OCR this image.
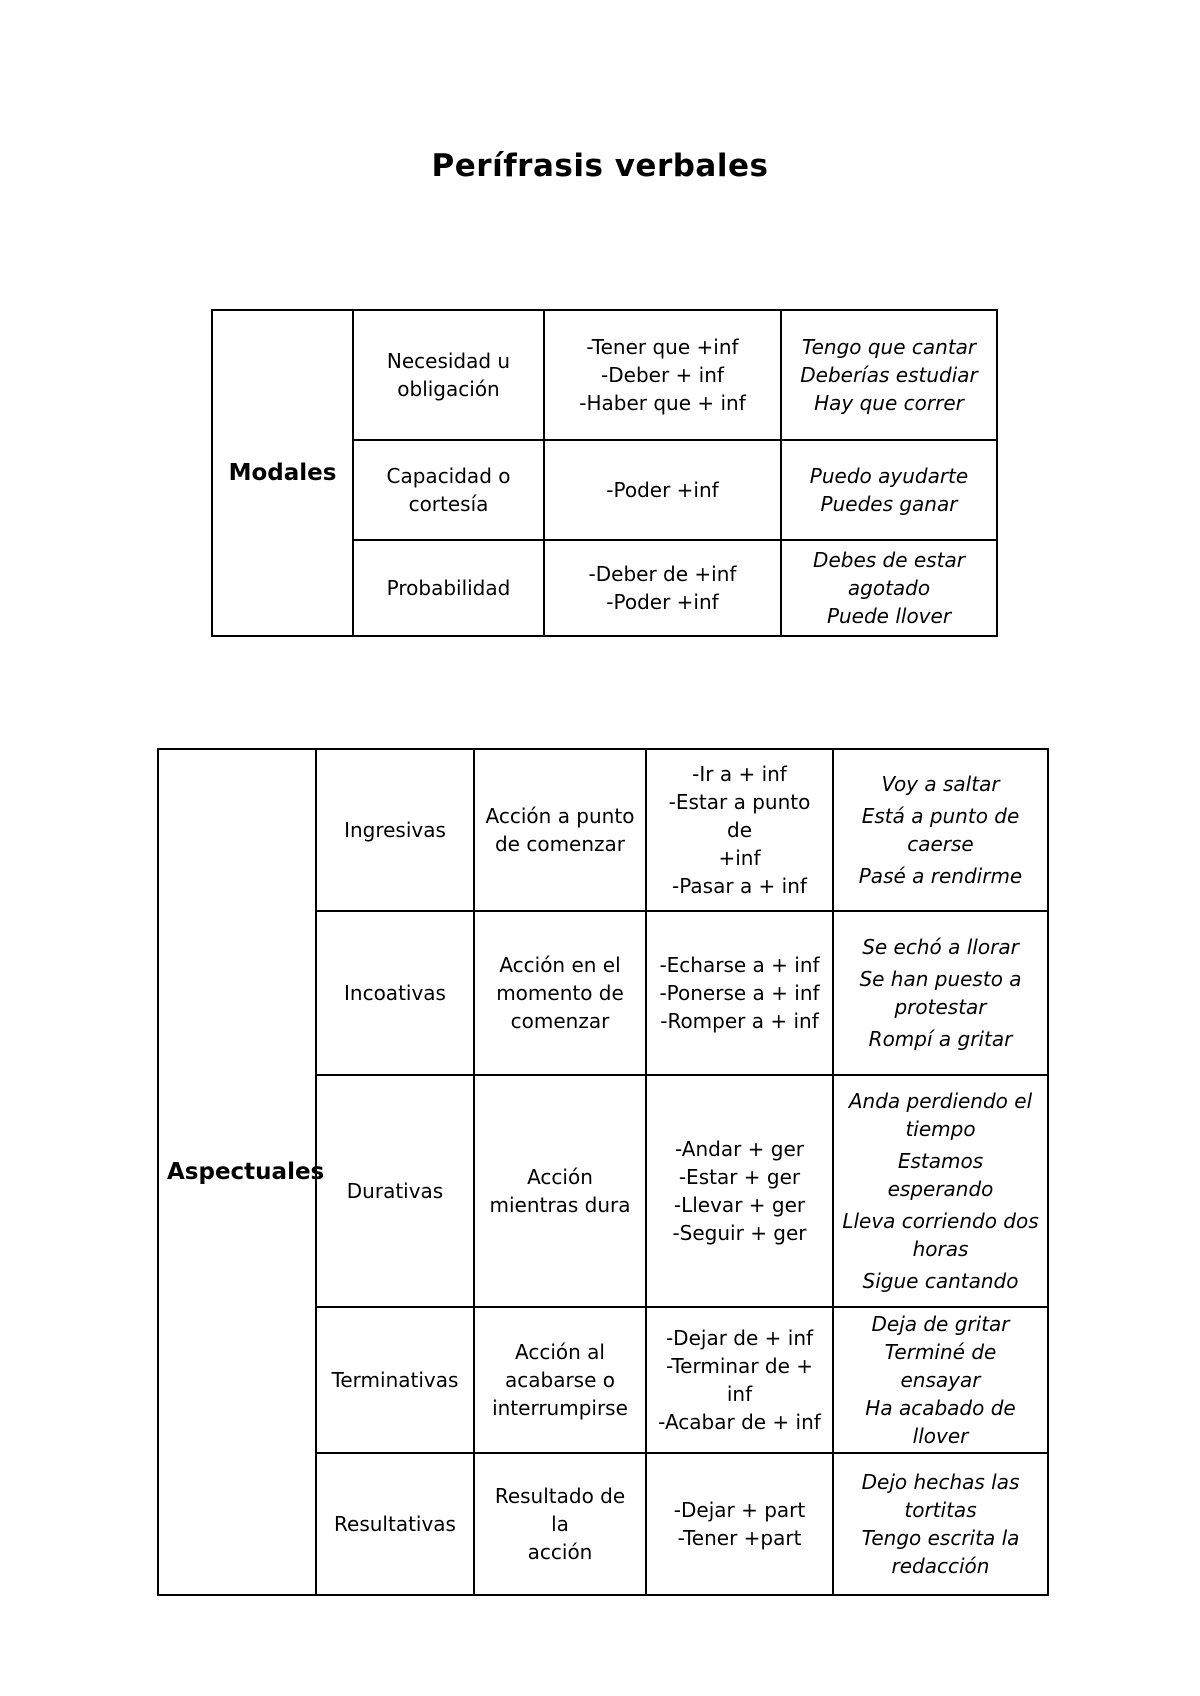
Perífrasis verbales
Modales	Necesidad u
obligación	-Tener que +inf
-Deber + inf
-Haber que + inf	Tengo que cantar
Deberías estudiar
Hay que correr

	Capacidad o
cortesía	-Poder +inf	Puedo ayudarte
Puedes ganar

	Probabilidad	-Deber de +inf
-Poder +inf	Debes de estar
agotado
Puede llover
Aspectuales	Ingresivas	Acción a punto
de comenzar	-Ir a + inf
-Estar a punto de
+inf
-Pasar a + inf	Voy a saltar
Está a punto de caerse
Pasé a rendirme

	Incoativas	Acción en el
momento de
comenzar	-Echarse a + inf
-Ponerse a + inf
-Romper a + inf	Se echó a llorar
Se han puesto a protestar
Rompí a gritar

	Durativas	Acción
mientras dura	-Andar + ger
-Estar + ger
-Llevar + ger
-Seguir + ger	Anda perdiendo el tiempo
Estamos esperando
Lleva corriendo dos horas
Sigue cantando

	Terminativas	Acción al
acabarse o
interrumpirse	-Dejar de + inf
-Terminar de +
inf
-Acabar de + inf	Deja de gritar
Terminé de ensayar
Ha acabado de
llover

	Resultativas	Resultado de la
acción	-Dejar + part
-Tener +part	Dejo hechas las
tortitas
Tengo escrita la
redacción
